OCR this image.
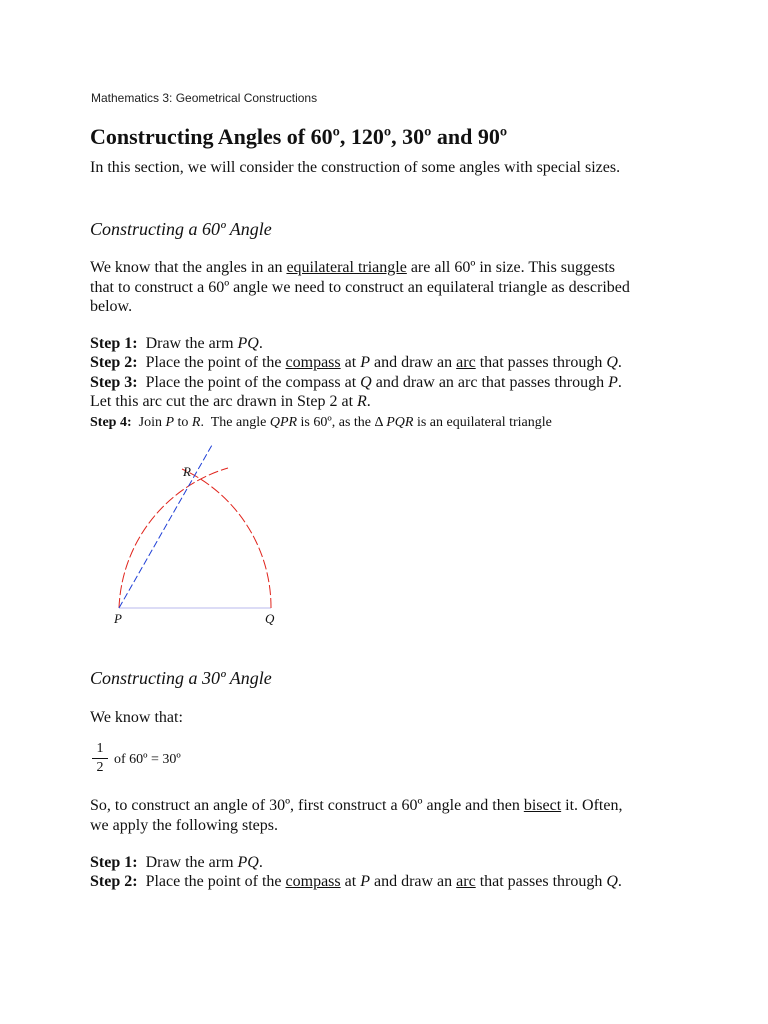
Mathematics 3: Geometrical Constructions
Constructing Angles of 60º, 120º, 30º and 90º
In this section, we will consider the construction of some angles with special sizes.
Constructing a 60º Angle
We know that the angles in an equilateral triangle are all 60º in size. This suggests
that to construct a 60º angle we need to construct an equilateral triangle as described
below.
Step 1:  Draw the arm PQ.
Step 2:  Place the point of the compass at P and draw an arc that passes through Q.
Step 3:  Place the point of the compass at Q and draw an arc that passes through P.
Let this arc cut the arc drawn in Step 2 at R.
Step 4:  Join P to R.  The angle QPR is 60º, as the Δ PQR is an equilateral triangle
P	Q
R
Constructing a 30º Angle
We know that:
1
2
of 60º = 30º
So, to construct an angle of 30º, first construct a 60º angle and then bisect it. Often,
we apply the following steps.
Step 1:  Draw the arm PQ.
Step 2:  Place the point of the compass at P and draw an arc that passes through Q.
